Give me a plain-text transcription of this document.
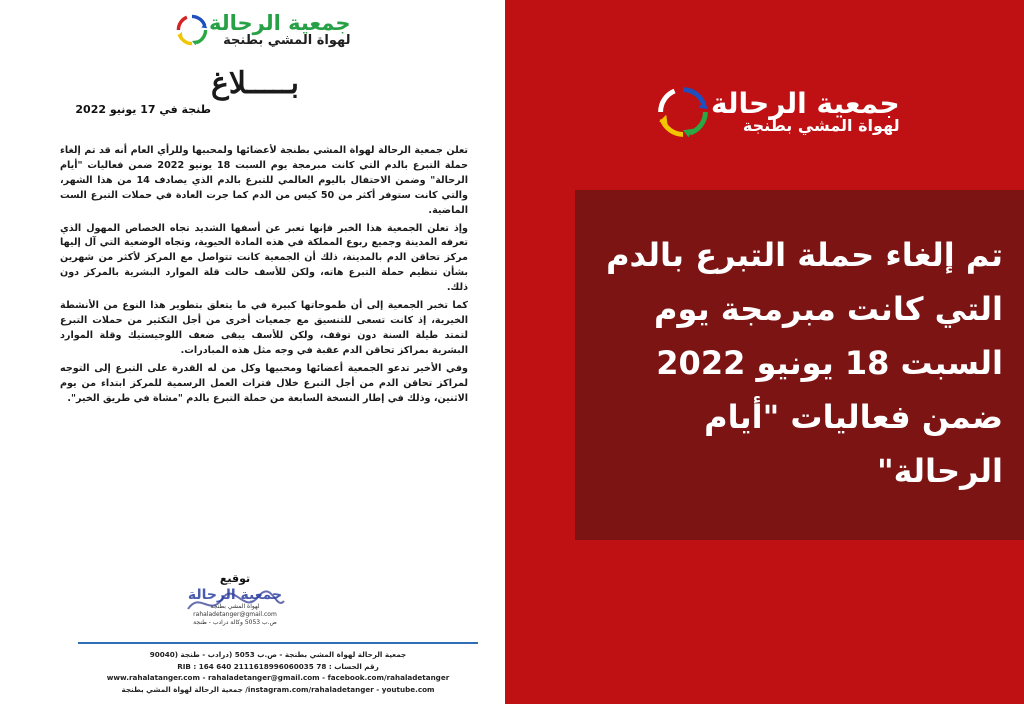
جمعية الرحالة
لهواة المشي بطنجة
بـــــلاغ
طنجة في 17 يونيو 2022

تعلن جمعية الرحالة لهواة المشي بطنجة لأعضائها ولمحبيها وللرأي العام أنه قد تم إلغاء حملة التبرع بالدم التي كانت مبرمجة يوم السبت 18 يونيو 2022 ضمن فعاليات "أيام الرحالة" وضمن الاحتفال باليوم العالمي للتبرع بالدم الذي يصادف 14 من هذا الشهر، والتي كانت ستوفر أكثر من 50 كيس من الدم كما جرت العادة في حملات التبرع الست الماضية.

وإذ تعلن الجمعية هذا الخبر فإنها تعبر عن أسفها الشديد تجاه الخصاص المهول الذي تعرفه المدينة وجميع ربوع المملكة في هذه المادة الحيوية، وتجاه الوضعية التي آل إليها مركز تحاقن الدم بالمدينة، ذلك أن الجمعية كانت تتواصل مع المركز لأكثر من شهرين بشأن تنظيم حملة التبرع هاته، ولكن للأسف حالت قلة الموارد البشرية بالمركز دون ذلك.

كما تخبر الجمعية إلى أن طموحاتها كبيرة في ما يتعلق بتطوير هذا النوع من الأنشطة الخيرية، إذ كانت تسعى للتنسيق مع جمعيات أخرى من أجل التكثير من حملات التبرع لتمتد طيلة السنة دون توقف، ولكن للأسف يبقى ضعف اللوجيستيك وقلة الموارد البشرية بمراكز تحاقن الدم عقبة في وجه مثل هذه المبادرات.

وفي الأخير تدعو الجمعية أعضائها ومحبيها وكل من له القدرة على التبرع إلى التوجه لمراكز تحاقن الدم من أجل التبرع خلال فترات العمل الرسمية للمركز ابتداء من يوم الاثنين، وذلك في إطار النسخة السابعة من حملة التبرع بالدم "مشاة في طريق الخير".

توقيع
جمعية الرحالة
لهواة المشي بطنجة
rahaladetanger@gmail.com
ص.ب 5053 وكالة درادب - طنجة
جمعية الرحالة لهواة المشي بطنجة - ص.ب 5053 (درادب - طنجة (90040
رقم الحساب : RIB : 164 640 2111618996060035 78
www.rahalatanger.com - rahaladetanger@gmail.com - facebook.com/rahaladetanger
instagram.com/rahaladetanger - youtube.com/ جمعية الرحالة لهواة المشي بطنجة
جمعية الرحالة
لهواة المشي بطنجة
تم إلغاء حملة التبرع بالدم
التي كانت مبرمجة يوم
السبت 18 يونيو 2022
ضمن فعاليات "أيام
الرحالة"
